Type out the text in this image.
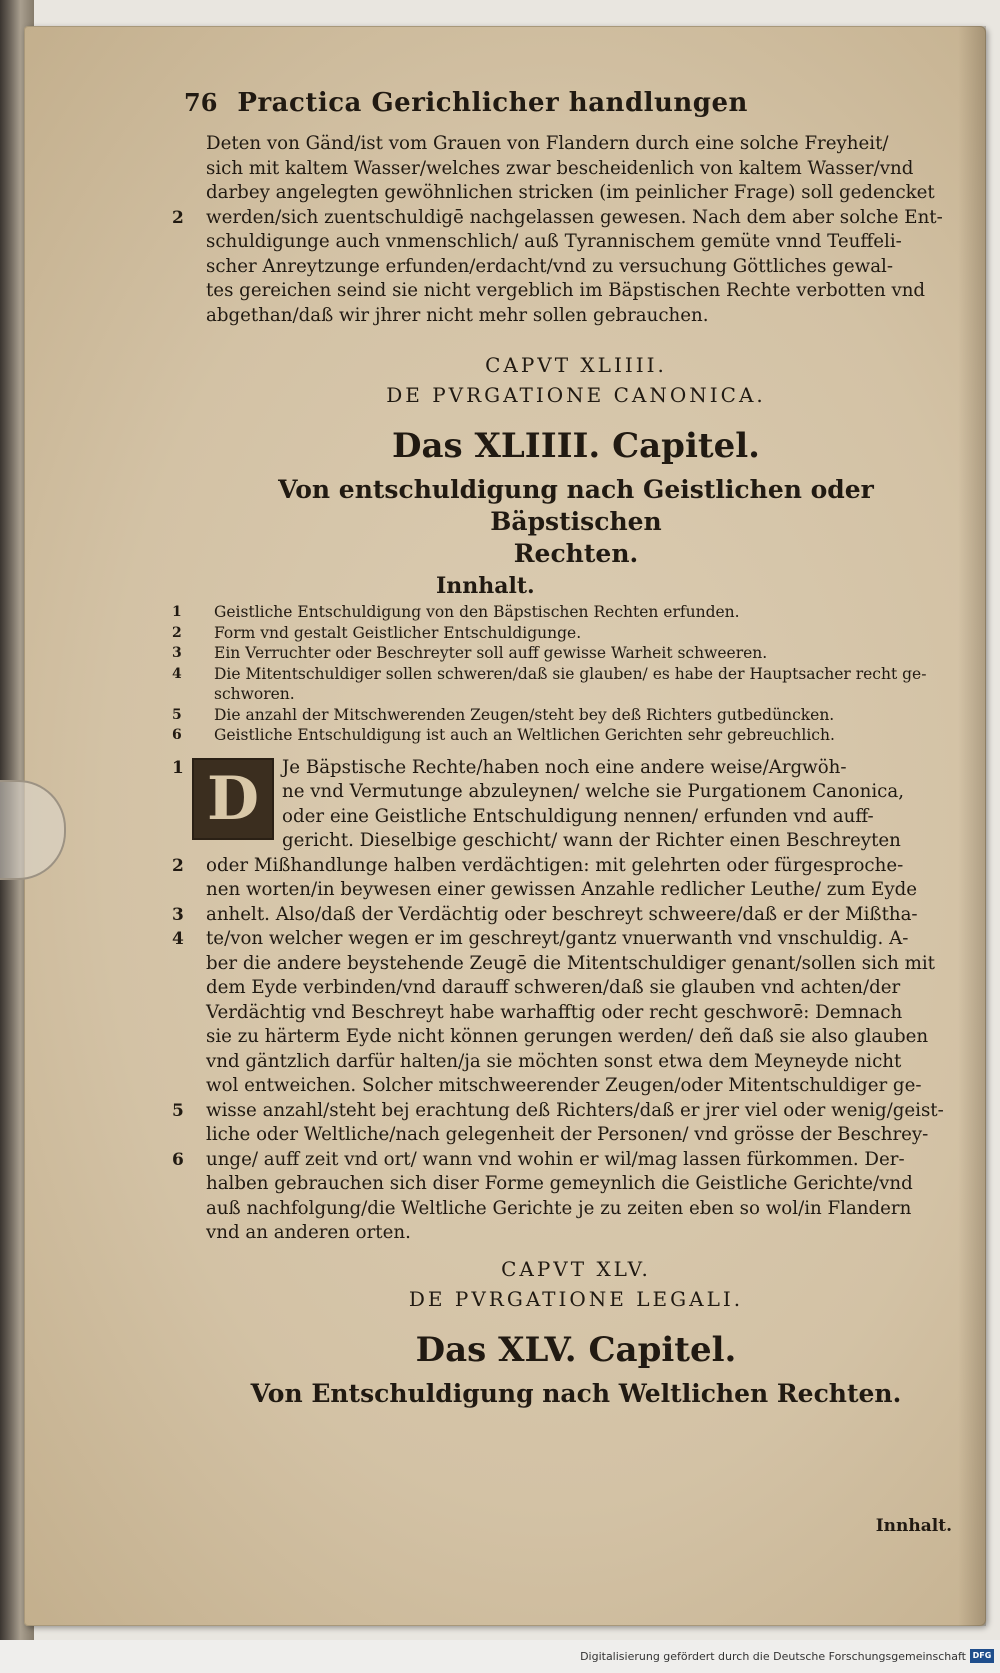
76 Practica Gerichlicher handlungen
Deten von Gänd/ist vom Grauen von Flandern durch eine solche Freyheit/
sich mit kaltem Wasser/welches zwar bescheidenlich von kaltem Wasser/vnd
darbey angelegten gewöhnlichen stricken (im peinlicher Frage) soll gedencket
2 werden/sich zuentschuldigē nachgelassen gewesen. Nach dem aber solche Ent-
schuldigunge auch vnmenschlich/ auß Tyrannischem gemüte vnnd Teuffeli-
scher Anreytzunge erfunden/erdacht/vnd zu versuchung Göttliches gewal-
tes gereichen seind sie nicht vergeblich im Bäpstischen Rechte verbotten vnd
abgethan/daß wir jhrer nicht mehr sollen gebrauchen.
CAPVT XLIIII.
DE PVRGATIONE CANONICA.
Das XLIIII. Capitel.
Von entschuldigung nach Geistlichen oder Bäpstischen
Rechten.
Innhalt.
1 Geistliche Entschuldigung von den Bäpstischen Rechten erfunden.
2 Form vnd gestalt Geistlicher Entschuldigunge.
3 Ein Verruchter oder Beschreyter soll auff gewisse Warheit schweeren.
4 Die Mitentschuldiger sollen schweren/daß sie glauben/ es habe der Hauptsacher recht ge-
schworen.
5 Die anzahl der Mitschwerenden Zeugen/steht bey deß Richters gutbedüncken.
6 Geistliche Entschuldigung ist auch an Weltlichen Gerichten sehr gebreuchlich.
D
1	Je Bäpstische Rechte/haben noch eine andere weise/Argwöh-
ne vnd Vermutunge abzuleynen/ welche sie Purgationem Canonica,
oder eine Geistliche Entschuldigung nennen/ erfunden vnd auff-
gericht. Dieselbige geschicht/ wann der Richter einen Beschreyten
2 oder Mißhandlunge halben verdächtigen: mit gelehrten oder fürgesproche-
nen worten/in beywesen einer gewissen Anzahle redlicher Leuthe/ zum Eyde
3 anhelt. Also/daß der Verdächtig oder beschreyt schweere/daß er der Mißtha-
4 te/von welcher wegen er im geschreyt/gantz vnuerwanth vnd vnschuldig. A-
ber die andere beystehende Zeugē die Mitentschuldiger genant/sollen sich mit
dem Eyde verbinden/vnd darauff schweren/daß sie glauben vnd achten/der
Verdächtig vnd Beschreyt habe warhafftig oder recht geschworē: Demnach
sie zu härterm Eyde nicht können gerungen werden/ deñ daß sie also glauben
vnd gäntzlich darfür halten/ja sie möchten sonst etwa dem Meyneyde nicht
wol entweichen. Solcher mitschweerender Zeugen/oder Mitentschuldiger ge-
5 wisse anzahl/steht bej erachtung deß Richters/daß er jrer viel oder wenig/geist-
liche oder Weltliche/nach gelegenheit der Personen/ vnd grösse der Beschrey-
6 unge/ auff zeit vnd ort/ wann vnd wohin er wil/mag lassen fürkommen. Der-
halben gebrauchen sich diser Forme gemeynlich die Geistliche Gerichte/vnd
auß nachfolgung/die Weltliche Gerichte je zu zeiten eben so wol/in Flandern
vnd an anderen orten.
CAPVT XLV.
DE PVRGATIONE LEGALI.
Das XLV. Capitel.
Von Entschuldigung nach Weltlichen Rechten.
Innhalt.
Digitalisierung gefördert durch die Deutsche Forschungsgemeinschaft DFG
